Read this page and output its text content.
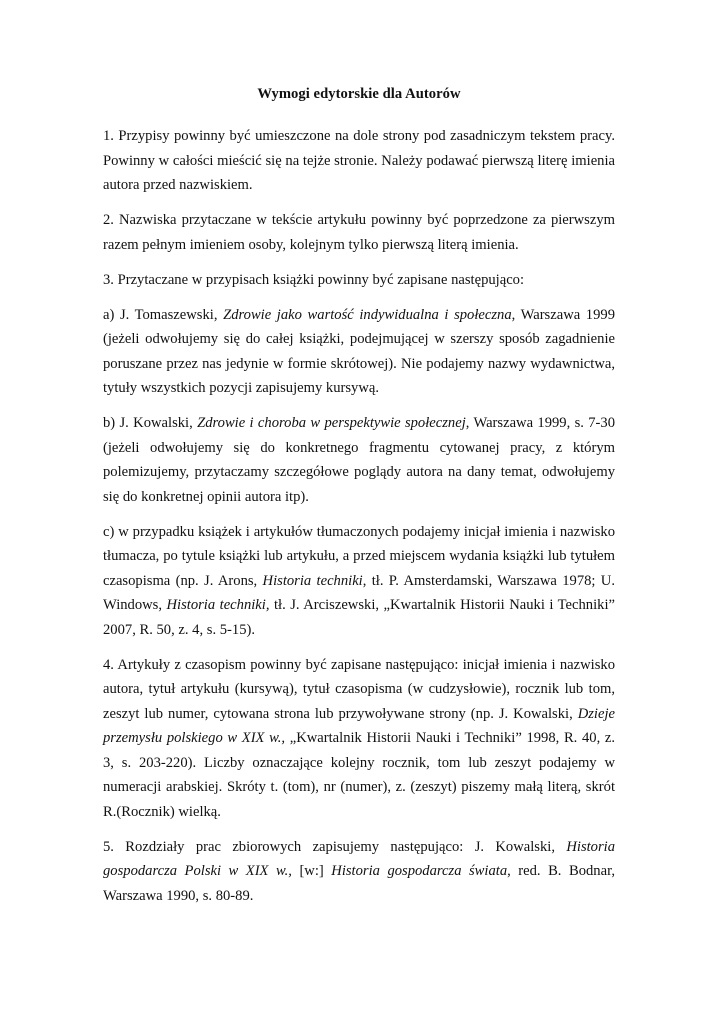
Wymogi edytorskie dla Autorów

1. Przypisy powinny być umieszczone na dole strony pod zasadniczym tekstem pracy. Powinny w całości mieścić się na tejże stronie. Należy podawać pierwszą literę imienia autora przed nazwiskiem.

2. Nazwiska przytaczane w tekście artykułu powinny być poprzedzone za pierwszym razem pełnym imieniem osoby, kolejnym tylko pierwszą literą imienia.

3. Przytaczane w przypisach książki powinny być zapisane następująco:

a) J. Tomaszewski, Zdrowie jako wartość indywidualna i społeczna, Warszawa 1999 (jeżeli odwołujemy się do całej książki, podejmującej w szerszy sposób zagadnienie poruszane przez nas jedynie w formie skrótowej). Nie podajemy nazwy wydawnictwa, tytuły wszystkich pozycji zapisujemy kursywą.

b) J. Kowalski, Zdrowie i choroba w perspektywie społecznej, Warszawa 1999, s. 7-30 (jeżeli odwołujemy się do konkretnego fragmentu cytowanej pracy, z którym polemizujemy, przytaczamy szczegółowe poglądy autora na dany temat, odwołujemy się do konkretnej opinii autora itp).

c) w przypadku książek i artykułów tłumaczonych podajemy inicjał imienia i nazwisko tłumacza, po tytule książki lub artykułu, a przed miejscem wydania książki lub tytułem czasopisma (np. J. Arons, Historia techniki, tł. P. Amsterdamski, Warszawa 1978; U. Windows, Historia techniki, tł. J. Arciszewski, „Kwartalnik Historii Nauki i Techniki” 2007, R. 50, z. 4, s. 5-15).

4. Artykuły z czasopism powinny być zapisane następująco: inicjał imienia i nazwisko autora, tytuł artykułu (kursywą), tytuł czasopisma (w cudzysłowie), rocznik lub tom, zeszyt lub numer, cytowana strona lub przywoływane strony (np. J. Kowalski, Dzieje przemysłu polskiego w XIX w., „Kwartalnik Historii Nauki i Techniki” 1998, R. 40, z. 3, s. 203-220). Liczby oznaczające kolejny rocznik, tom lub zeszyt podajemy w numeracji arabskiej. Skróty t. (tom), nr (numer), z. (zeszyt) piszemy małą literą, skrót R.(Rocznik) wielką.

5. Rozdziały prac zbiorowych zapisujemy następująco: J. Kowalski, Historia gospodarcza Polski w XIX w., [w:] Historia gospodarcza świata, red. B. Bodnar, Warszawa 1990, s. 80-89.
